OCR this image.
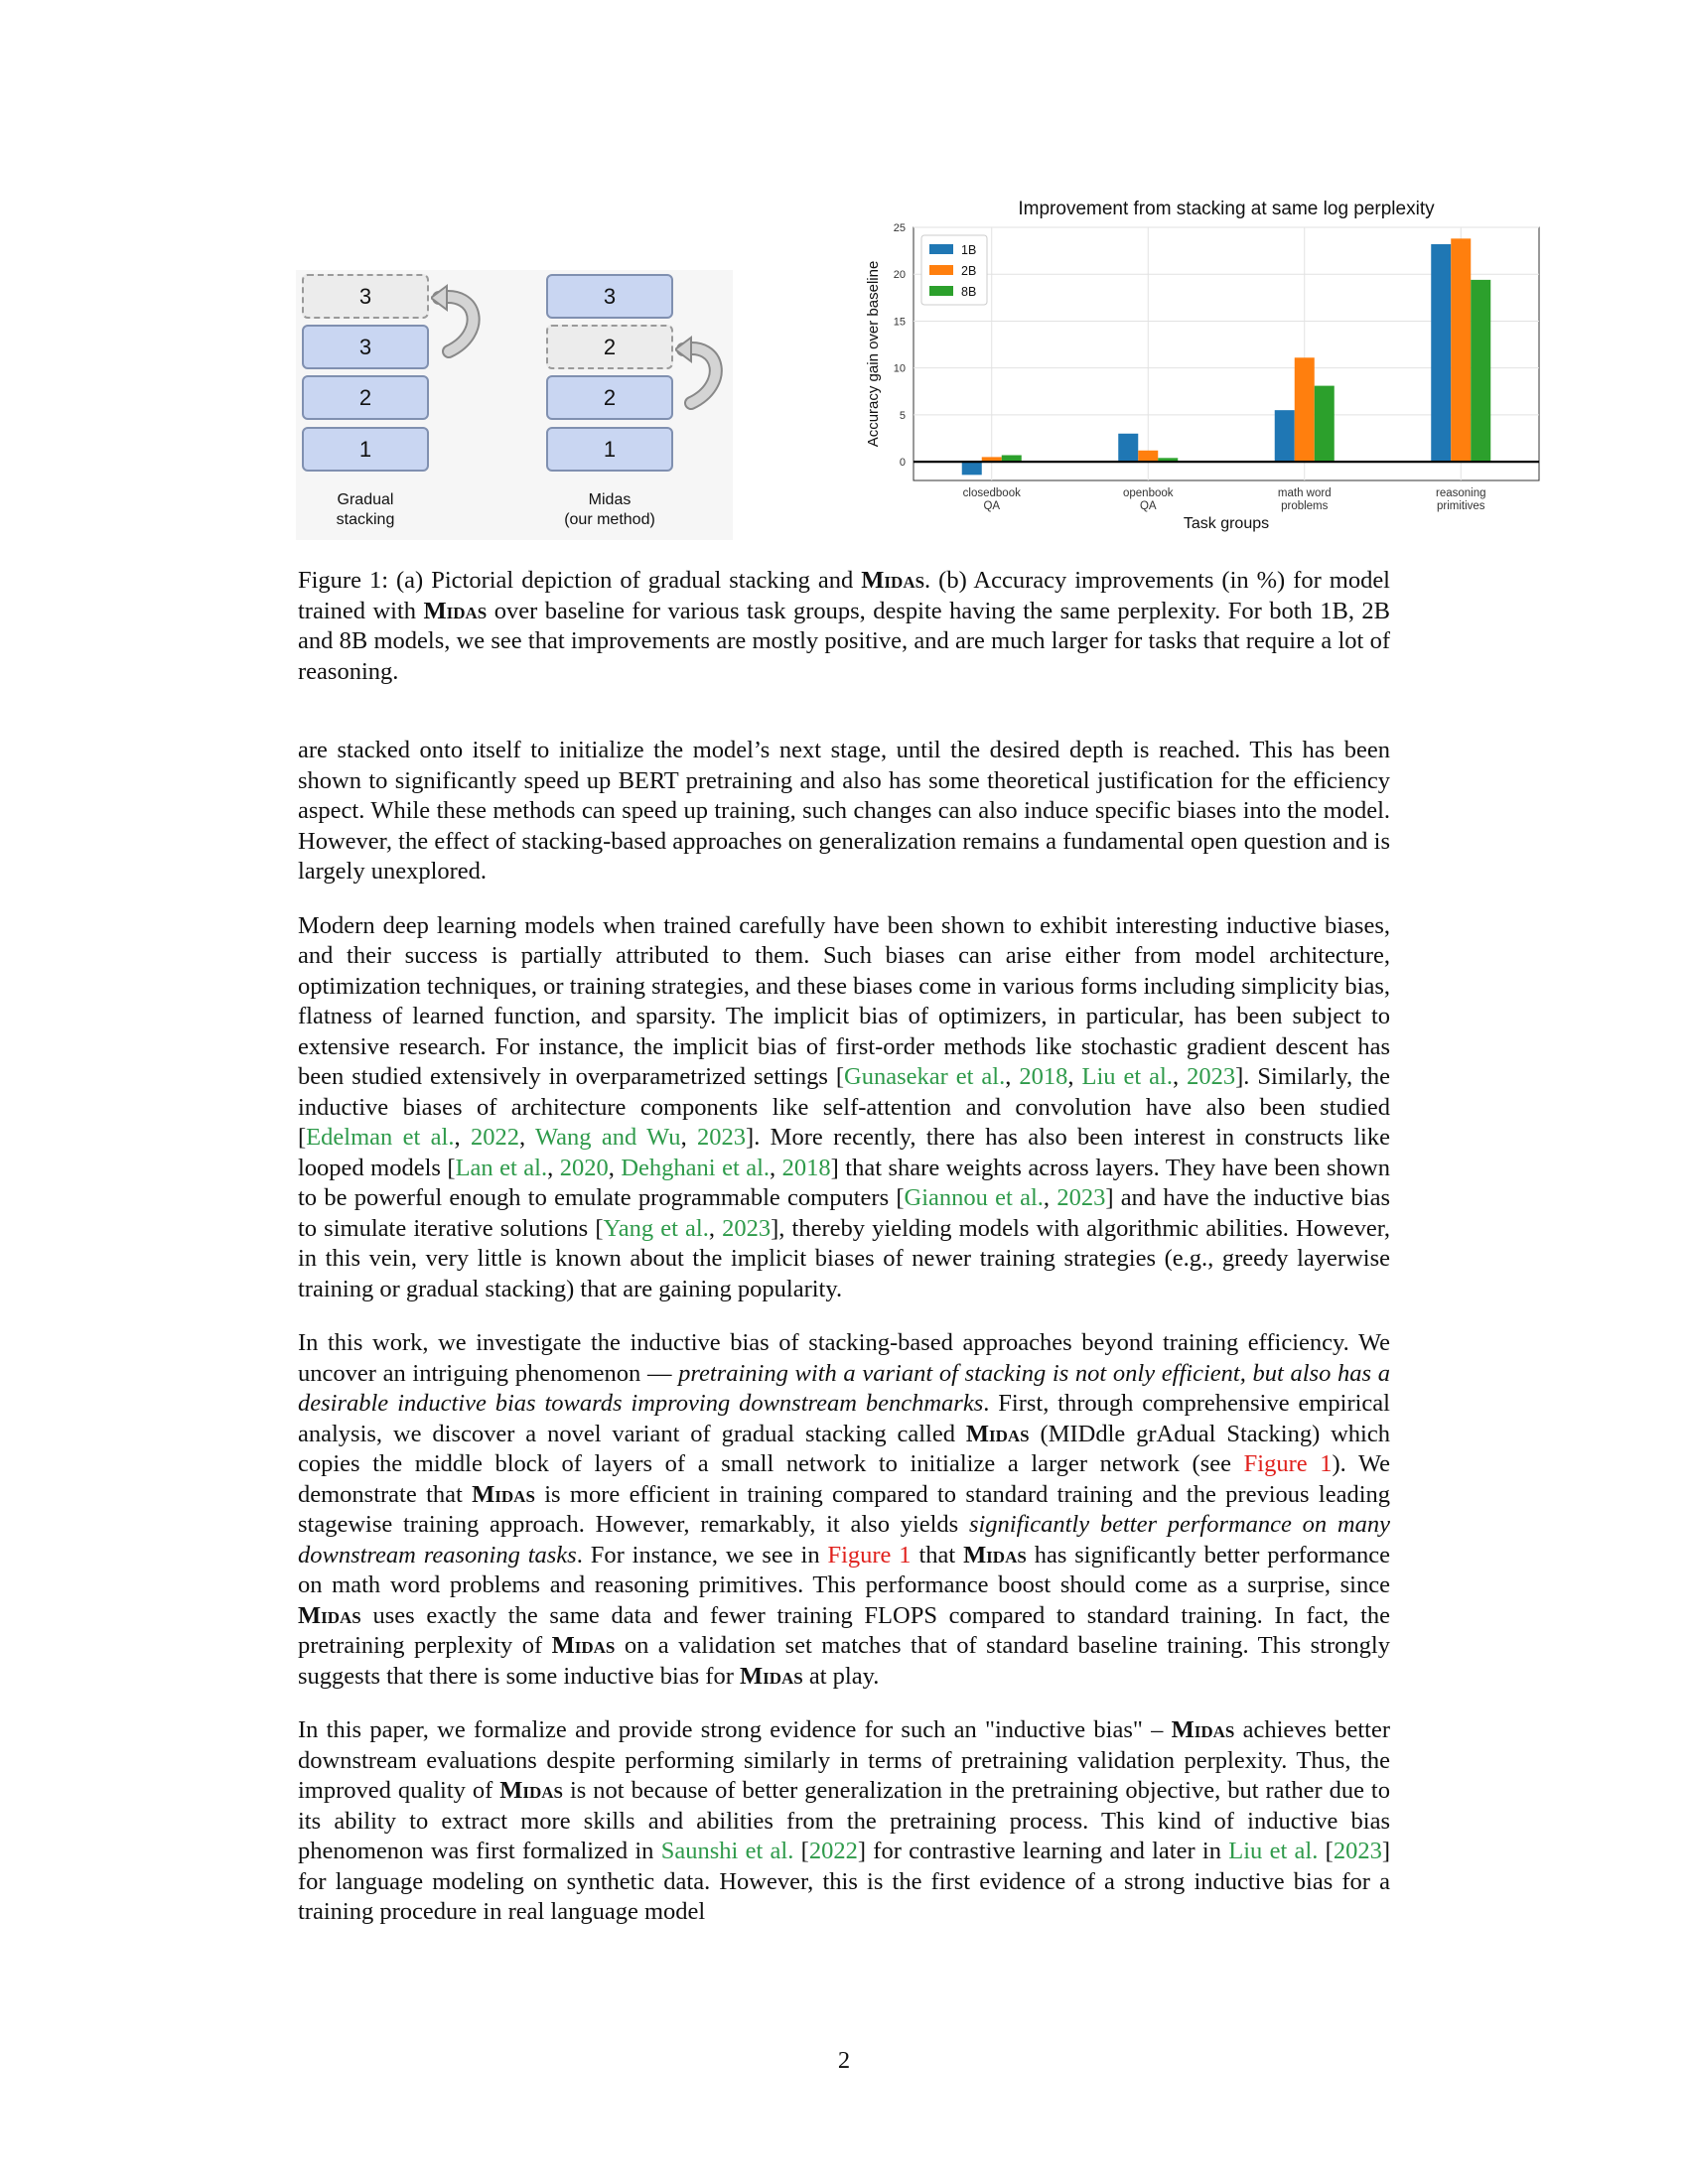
3
3
2
1
Gradual
stacking
3
2
2
1
Midas
(our method)
Improvement from stacking at same log perplexity
0
5
10
15
20
25
closedbook
QA
openbook
QA
math word
problems
reasoning
primitives
Task groups
Accuracy gain over baseline
1B
2B
8B
Figure 1: (a) Pictorial depiction of gradual stacking and Midas. (b) Accuracy improvements (in %) for model trained with Midas over baseline for various task groups, despite having the same perplexity. For both 1B, 2B and 8B models, we see that improvements are mostly positive, and are much larger for tasks that require a lot of reasoning.

are stacked onto itself to initialize the model’s next stage, until the desired depth is reached. This has been shown to significantly speed up BERT pretraining and also has some theoretical justification for the efficiency aspect. While these methods can speed up training, such changes can also induce specific biases into the model. However, the effect of stacking-based approaches on generalization remains a fundamental open question and is largely unexplored.

Modern deep learning models when trained carefully have been shown to exhibit interesting inductive biases, and their success is partially attributed to them. Such biases can arise either from model architecture, optimization techniques, or training strategies, and these biases come in various forms including simplicity bias, flatness of learned function, and sparsity. The implicit bias of optimizers, in particular, has been subject to extensive research. For instance, the implicit bias of first-order methods like stochastic gradient descent has been studied extensively in overparametrized settings [Gunasekar et al., 2018, Liu et al., 2023]. Similarly, the inductive biases of architecture components like self-attention and convolution have also been studied [Edelman et al., 2022, Wang and Wu, 2023]. More recently, there has also been interest in constructs like looped models [Lan et al., 2020, Dehghani et al., 2018] that share weights across layers. They have been shown to be powerful enough to emulate programmable computers [Giannou et al., 2023] and have the inductive bias to simulate iterative solutions [Yang et al., 2023], thereby yielding models with algorithmic abilities. However, in this vein, very little is known about the implicit biases of newer training strategies (e.g., greedy layerwise training or gradual stacking) that are gaining popularity.

In this work, we investigate the inductive bias of stacking-based approaches beyond training efficiency. We uncover an intriguing phenomenon — pretraining with a variant of stacking is not only efficient, but also has a desirable inductive bias towards improving downstream benchmarks. First, through comprehensive empirical analysis, we discover a novel variant of gradual stacking called Midas (MIDdle grAdual Stacking) which copies the middle block of layers of a small network to initialize a larger network (see Figure 1). We demonstrate that Midas is more efficient in training compared to standard training and the previous leading stagewise training approach. However, remarkably, it also yields significantly better performance on many downstream reasoning tasks. For instance, we see in Figure 1 that Midas has significantly better performance on math word problems and reasoning primitives. This performance boost should come as a surprise, since Midas uses exactly the same data and fewer training FLOPS compared to standard training. In fact, the pretraining perplexity of Midas on a validation set matches that of standard baseline training. This strongly suggests that there is some inductive bias for Midas at play.

In this paper, we formalize and provide strong evidence for such an "inductive bias" – Midas achieves better downstream evaluations despite performing similarly in terms of pretraining validation perplexity. Thus, the improved quality of Midas is not because of better generalization in the pretraining objective, but rather due to its ability to extract more skills and abilities from the pretraining process. This kind of inductive bias phenomenon was first formalized in Saunshi et al. [2022] for contrastive learning and later in Liu et al. [2023] for language modeling on synthetic data. However, this is the first evidence of a strong inductive bias for a training procedure in real language model

2
